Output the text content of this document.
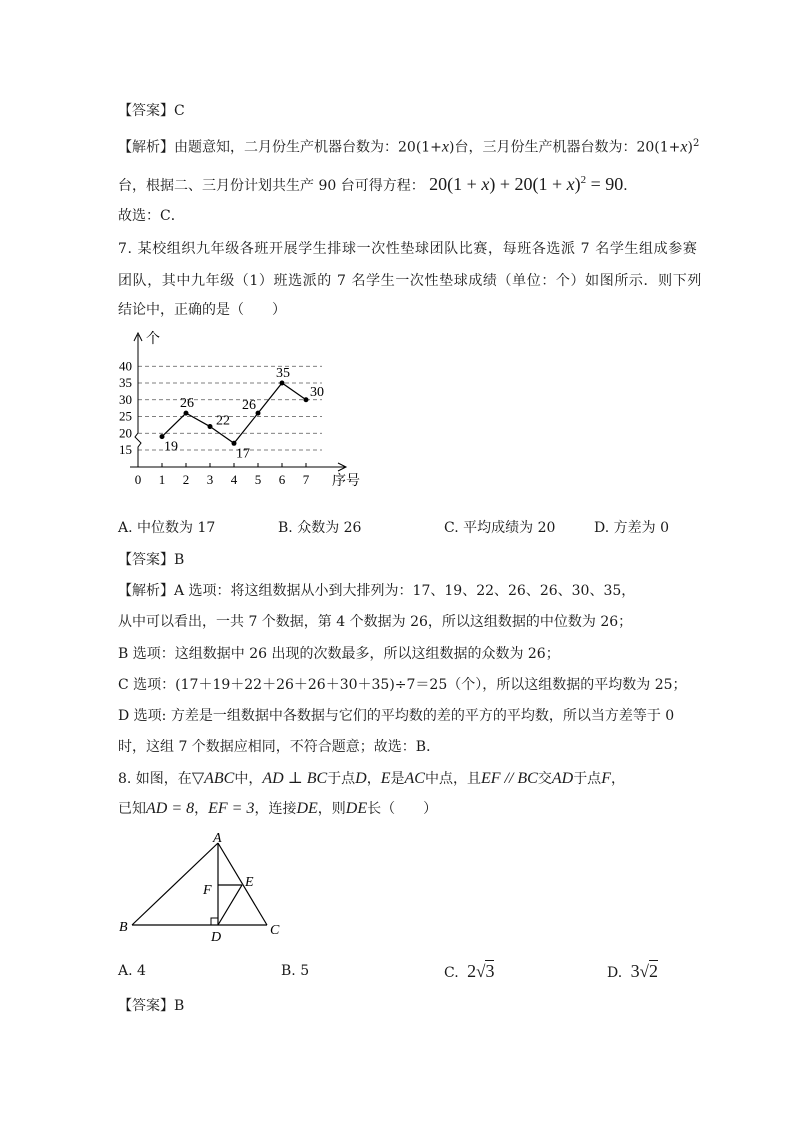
【答案】C
【解析】由题意知，二月份生产机器台数为：20(1+x)台，三月份生产机器台数为：$20(1+x)^2$
台，根据二、三月份计划共生产 90 台可得方程： $20(1 + x) + 20(1 + x)^2 = 90$．
故选：C．
7. 某校组织九年级各班开展学生排球一次性垫球团队比赛，每班各选派 7 名学生组成参赛
团队，其中九年级（1）班选派的 7 名学生一次性垫球成绩（单位：个）如图所示．则下列
结论中，正确的是（　　）
15
20
25
30
35
40
个
0 1 2 3 4 5 6 7 序号
19
26
22
17
26
35
30
A. 中位数为 17	B. 众数为 26	C. 平均成绩为 20	D. 方差为 0
【答案】B
【解析】A 选项：将这组数据从小到大排列为：17、19、22、26、26、30、35，
从中可以看出，一共 7 个数据，第 4 个数据为 26，所以这组数据的中位数为 26；
B 选项：这组数据中 26 出现的次数最多，所以这组数据的众数为 26；
C 选项：(17＋19＋22＋26＋26＋30＋35)÷7＝25（个），所以这组数据的平均数为 25；
D 选项: 方差是一组数据中各数据与它们的平均数的差的平方的平均数，所以当方差等于 0
时，这组 7 个数据应相同，不符合题意；故选：B．
8. 如图，在▽ABC中，AD ⊥ BC于点D，E是AC中点，且EF // BC交AD于点F，
已知AD = 8，EF = 3，连接DE，则DE长（　　）
A
B	C
D
E
F
A. 4	B. 5	C. 2√3	D. 3√2
【答案】B
